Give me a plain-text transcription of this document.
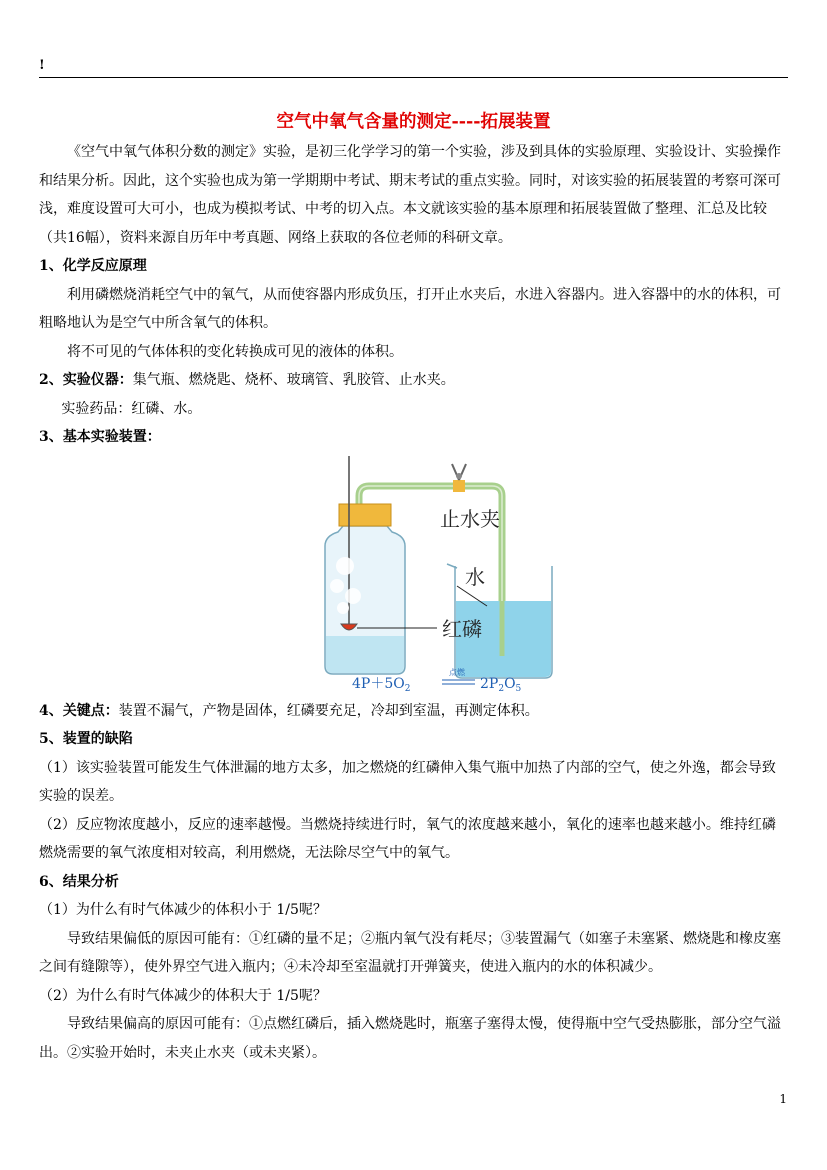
!
空气中氧气含量的测定----拓展装置

《空气中氧气体积分数的测定》实验，是初三化学学习的第一个实验，涉及到具体的实验原理、实验设计、实验操作和结果分析。因此，这个实验也成为第一学期期中考试、期末考试的重点实验。同时，对该实验的拓展装置的考察可深可浅，难度设置可大可小，也成为模拟考试、中考的切入点。本文就该实验的基本原理和拓展装置做了整理、汇总及比较（共16幅），资料来源自历年中考真题、网络上获取的各位老师的科研文章。

1、化学反应原理

利用磷燃烧消耗空气中的氧气，从而使容器内形成负压，打开止水夹后，水进入容器内。进入容器中的水的体积，可粗略地认为是空气中所含氧气的体积。

将不可见的气体体积的变化转换成可见的液体的体积。

2、实验仪器：集气瓶、燃烧匙、烧杯、玻璃管、乳胶管、止水夹。

实验药品：红磷、水。

3、基本实验装置：

止水夹
水
红磷
$4P+5O_2$
点燃
$2P_2O_5$

4、关键点：装置不漏气，产物是固体，红磷要充足，冷却到室温，再测定体积。

5、装置的缺陷

（1）该实验装置可能发生气体泄漏的地方太多，加之燃烧的红磷伸入集气瓶中加热了内部的空气，使之外逸，都会导致实验的误差。

（2）反应物浓度越小，反应的速率越慢。当燃烧持续进行时，氧气的浓度越来越小，氧化的速率也越来越小。维持红磷燃烧需要的氧气浓度相对较高，利用燃烧，无法除尽空气中的氧气。

6、结果分析

（1）为什么有时气体减少的体积小于 1/5呢？

导致结果偏低的原因可能有：①红磷的量不足；②瓶内氧气没有耗尽；③装置漏气（如塞子未塞紧、燃烧匙和橡皮塞之间有缝隙等），使外界空气进入瓶内；④未冷却至室温就打开弹簧夹，使进入瓶内的水的体积减少。

（2）为什么有时气体减少的体积大于 1/5呢？

导致结果偏高的原因可能有：①点燃红磷后，插入燃烧匙时，瓶塞子塞得太慢，使得瓶中空气受热膨胀，部分空气溢出。②实验开始时，未夹止水夹（或未夹紧）。

1
